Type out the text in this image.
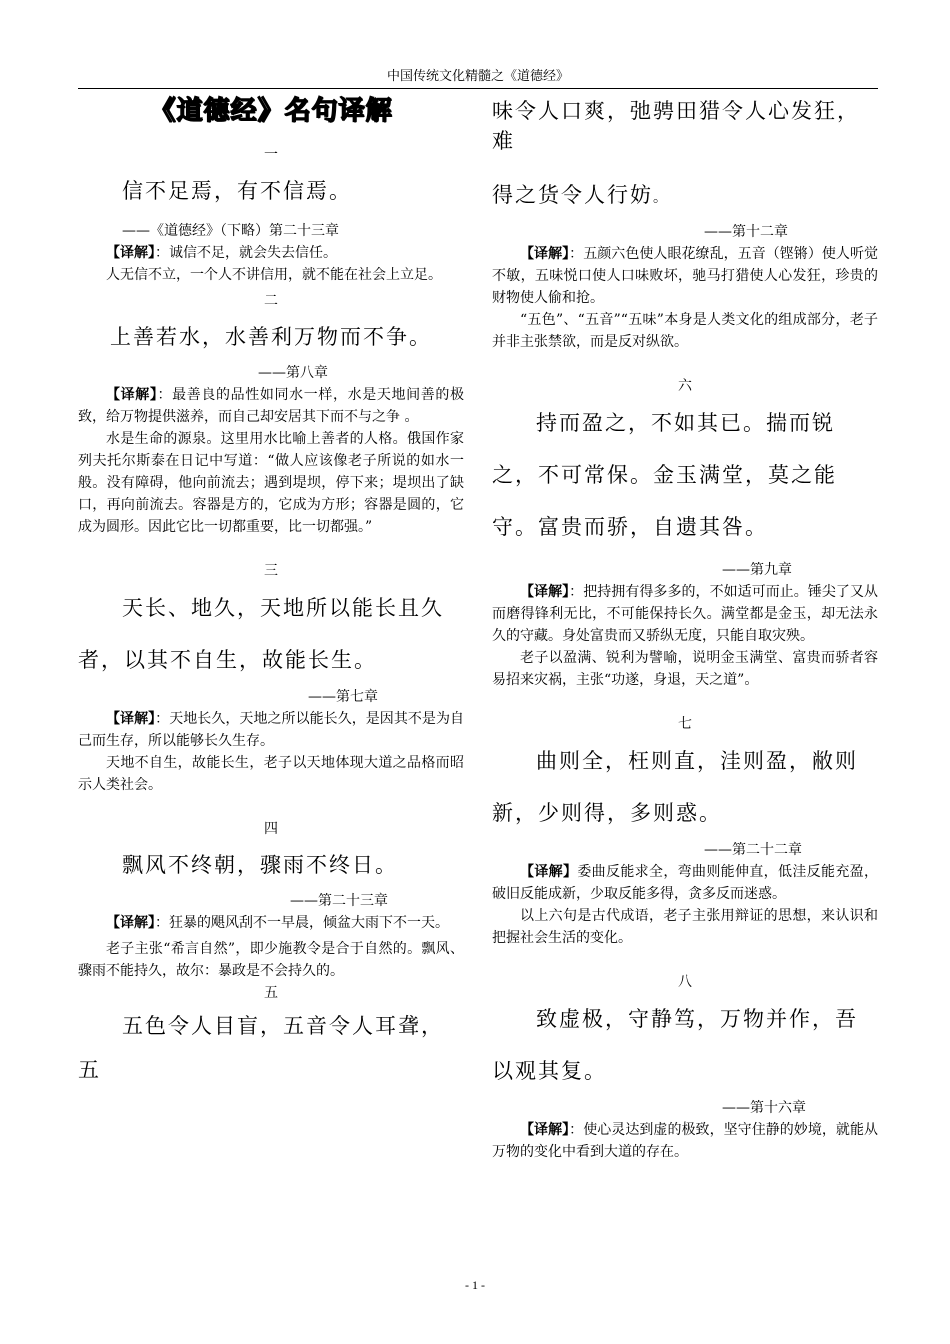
中国传统文化精髓之《道德经》
《道德经》名句译解

一

信不足焉，有不信焉。

——《道德经》（下略）第二十三章

【译解】：诚信不足，就会失去信任。

人无信不立，一个人不讲信用，就不能在社会上立足。

二

上善若水，水善利万物而不争。

——第八章

【译解】：最善良的品性如同水一样，水是天地间善的极致，给万物提供滋养，而自己却安居其下而不与之争 。

水是生命的源泉。这里用水比喻上善者的人格。俄国作家列夫托尔斯泰在日记中写道：“做人应该像老子所说的如水一般。没有障碍，他向前流去；遇到堤坝，停下来；堤坝出了缺口，再向前流去。容器是方的，它成为方形；容器是圆的，它成为圆形。因此它比一切都重要，比一切都强。”

三

天长、地久，天地所以能长且久者，以其不自生，故能长生。

——第七章

【译解】：天地长久，天地之所以能长久，是因其不是为自己而生存，所以能够长久生存。

天地不自生，故能长生，老子以天地体现大道之品格而昭示人类社会。

四

飘风不终朝，骤雨不终日。

——第二十三章

【译解】：狂暴的飓风刮不一早晨，倾盆大雨下不一天。

老子主张“希言自然”，即少施教令是合于自然的。飘风、骤雨不能持久，故尔：暴政是不会持久的。

五

五色令人目盲，五音令人耳聋，五

味令人口爽，弛骋田猎令人心发狂，难

得之货令人行妨。

——第十二章

【译解】：五颜六色使人眼花缭乱，五音（铿锵）使人听觉不敏，五味悦口使人口味败坏，驰马打猎使人心发狂，珍贵的财物使人偷和抢。

“五色”、“五音”“五味”本身是人类文化的组成部分，老子并非主张禁欲，而是反对纵欲。

六

持而盈之，不如其已。揣而锐之，不可常保。金玉满堂，莫之能守。富贵而骄，自遗其咎。

——第九章

【译解】：把持拥有得多多的，不如适可而止。锤尖了又从而磨得锋利无比，不可能保持长久。满堂都是金玉，却无法永久的守藏。身处富贵而又骄纵无度，只能自取灾殃。

老子以盈满、锐利为譬喻，说明金玉满堂、富贵而骄者容易招来灾祸，主张“功遂，身退，天之道”。

七

曲则全，枉则直，洼则盈，敝则新，少则得，多则惑。

——第二十二章

【译解】委曲反能求全，弯曲则能伸直，低洼反能充盈，破旧反能成新，少取反能多得，贪多反而迷惑。

以上六句是古代成语，老子主张用辩证的思想，来认识和把握社会生活的变化。

八

致虚极，守静笃，万物并作，吾以观其复。

——第十六章

【译解】：使心灵达到虚的极致，坚守住静的妙境，就能从万物的变化中看到大道的存在。

- 1 -
